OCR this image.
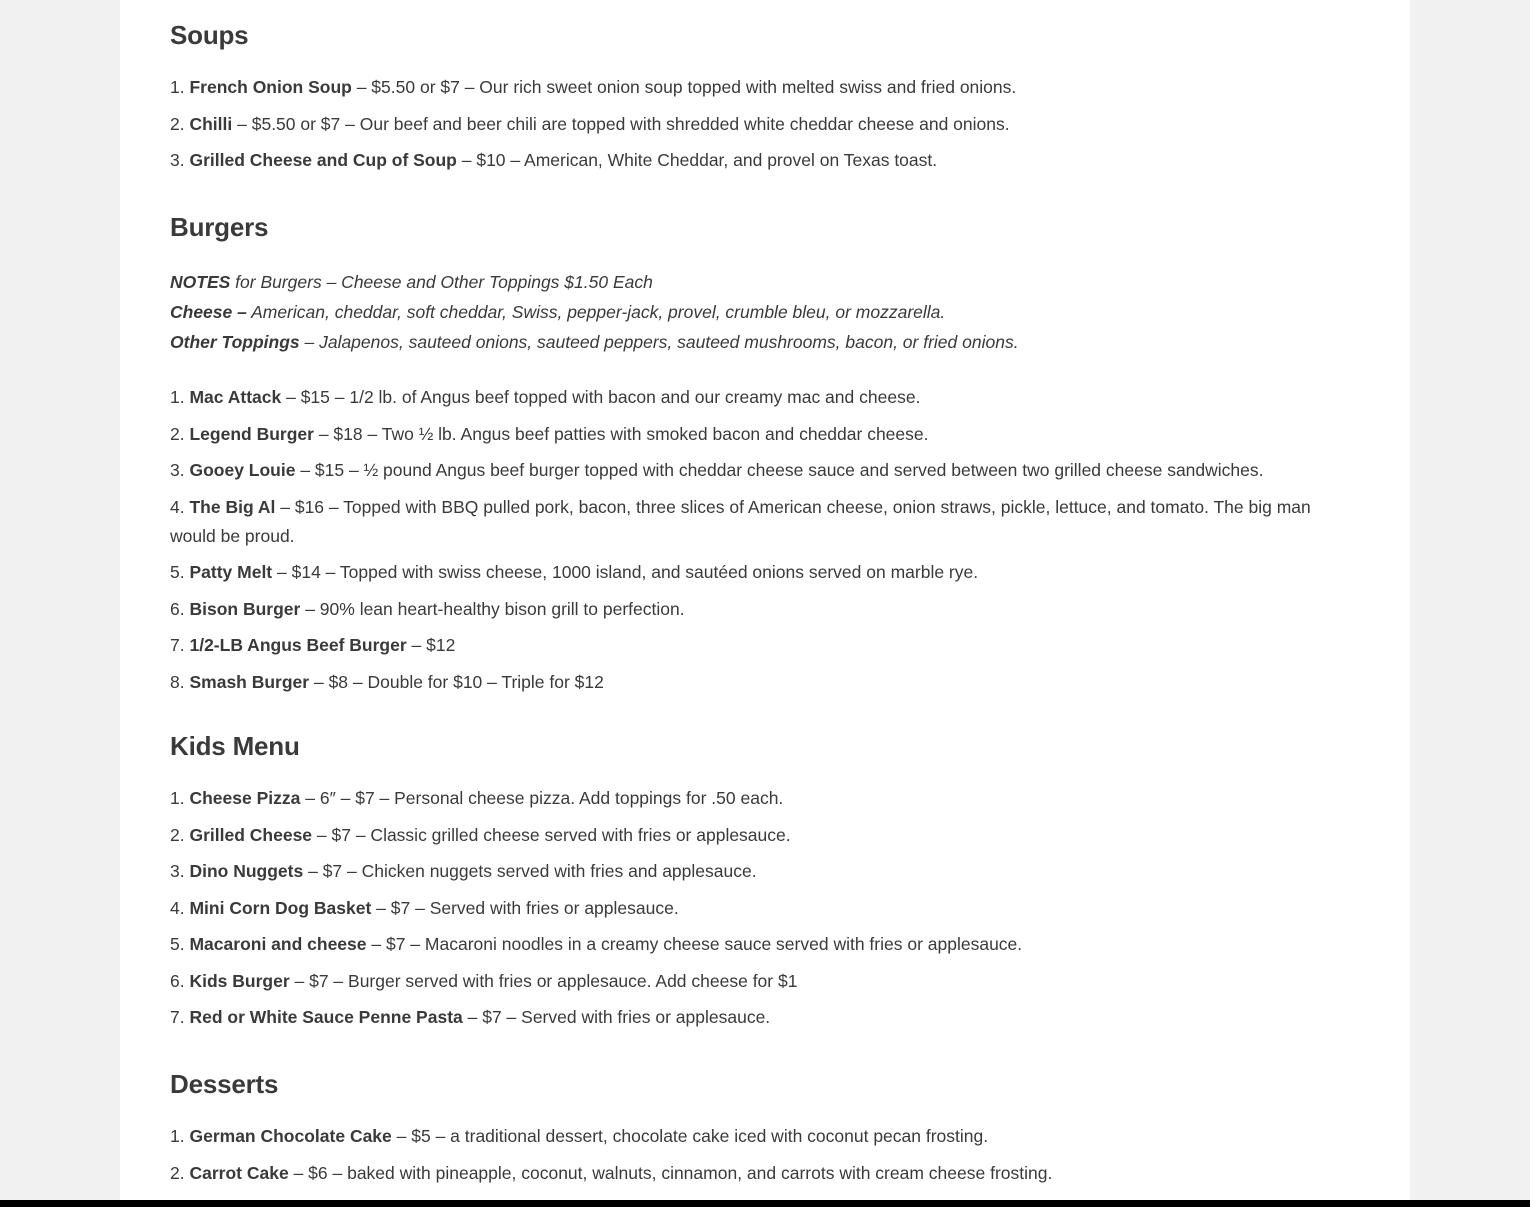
Soups
1. French Onion Soup – $5.50 or $7 – Our rich sweet onion soup topped with melted swiss and fried onions.
2. Chilli – $5.50 or $7 – Our beef and beer chili are topped with shredded white cheddar cheese and onions.
3. Grilled Cheese and Cup of Soup – $10 – American, White Cheddar, and provel on Texas toast.
Burgers

NOTES for Burgers – Cheese and Other Toppings $1.50 Each

Cheese – American, cheddar, soft cheddar, Swiss, pepper-jack, provel, crumble bleu, or mozzarella.

Other Toppings – Jalapenos, sauteed onions, sauteed peppers, sauteed mushrooms, bacon, or fried onions.

1. Mac Attack – $15 – 1/2 lb. of Angus beef topped with bacon and our creamy mac and cheese.
2. Legend Burger – $18 – Two ½ lb. Angus beef patties with smoked bacon and cheddar cheese.
3. Gooey Louie – $15 – ½ pound Angus beef burger topped with cheddar cheese sauce and served between two grilled cheese sandwiches.
4. The Big Al – $16 – Topped with BBQ pulled pork, bacon, three slices of American cheese, onion straws, pickle, lettuce, and tomato. The big man would be proud.
5. Patty Melt – $14 – Topped with swiss cheese, 1000 island, and sautéed onions served on marble rye.
6. Bison Burger – 90% lean heart-healthy bison grill to perfection.
7. 1/2-LB Angus Beef Burger – $12
8. Smash Burger – $8 – Double for $10 – Triple for $12
Kids Menu
1. Cheese Pizza – 6″ – $7 – Personal cheese pizza. Add toppings for .50 each.
2. Grilled Cheese – $7 – Classic grilled cheese served with fries or applesauce.
3. Dino Nuggets – $7 – Chicken nuggets served with fries and applesauce.
4. Mini Corn Dog Basket – $7 – Served with fries or applesauce.
5. Macaroni and cheese – $7 – Macaroni noodles in a creamy cheese sauce served with fries or applesauce.
6. Kids Burger – $7 – Burger served with fries or applesauce. Add cheese for $1
7. Red or White Sauce Penne Pasta – $7 – Served with fries or applesauce.
Desserts
1. German Chocolate Cake – $5 – a traditional dessert, chocolate cake iced with coconut pecan frosting.
2. Carrot Cake – $6 – baked with pineapple, coconut, walnuts, cinnamon, and carrots with cream cheese frosting.
